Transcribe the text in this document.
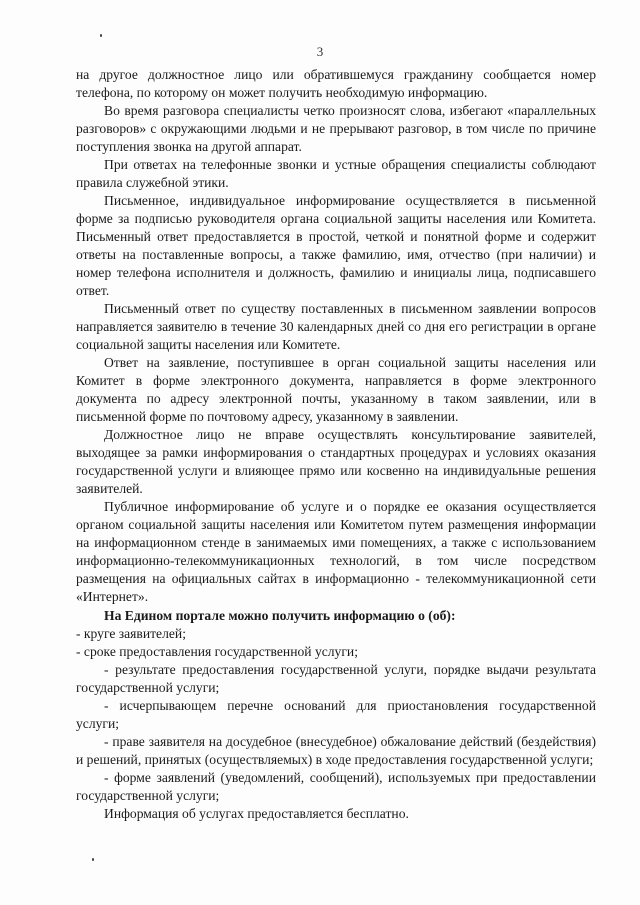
3

на другое должностное лицо или обратившемуся гражданину сообщается номер телефона, по которому он может получить необходимую информацию.

Во время разговора специалисты четко произносят слова, избегают «параллельных разговоров» с окружающими людьми и не прерывают разговор, в том числе по причине поступления звонка на другой аппарат.

При ответах на телефонные звонки и устные обращения специалисты соблюдают правила служебной этики.

Письменное, индивидуальное информирование осуществляется в письменной форме за подписью руководителя органа социальной защиты населения или Комитета. Письменный ответ предоставляется в простой, четкой и понятной форме и содержит ответы на поставленные вопросы, а также фамилию, имя, отчество (при наличии) и номер телефона исполнителя и должность, фамилию и инициалы лица, подписавшего ответ.

Письменный ответ по существу поставленных в письменном заявлении вопросов направляется заявителю в течение 30 календарных дней со дня его регистрации в органе социальной защиты населения или Комитете.

Ответ на заявление, поступившее в орган социальной защиты населения или Комитет в форме электронного документа, направляется в форме электронного документа по адресу электронной почты, указанному в таком заявлении, или в письменной форме по почтовому адресу, указанному в заявлении.

Должностное лицо не вправе осуществлять консультирование заявителей, выходящее за рамки информирования о стандартных процедурах и условиях оказания государственной услуги и влияющее прямо или косвенно на индивидуальные решения заявителей.

Публичное информирование об услуге и о порядке ее оказания осуществляется органом социальной защиты населения или Комитетом путем размещения информации на информационном стенде в занимаемых ими помещениях, а также с использованием информационно-телекоммуникационных технологий, в том числе посредством размещения на официальных сайтах в информационно - телекоммуникационной сети «Интернет».

На Едином портале можно получить информацию о (об):

- круге заявителей;

- сроке предоставления государственной услуги;

- результате предоставления государственной услуги, порядке выдачи результата государственной услуги;

- исчерпывающем перечне оснований для приостановления государственной услуги;

- праве заявителя на досудебное (внесудебное) обжалование действий (бездействия) и решений, принятых (осуществляемых) в ходе предоставления государственной услуги;

- форме заявлений (уведомлений, сообщений), используемых при предоставлении государственной услуги;

Информация об услугах предоставляется бесплатно.
